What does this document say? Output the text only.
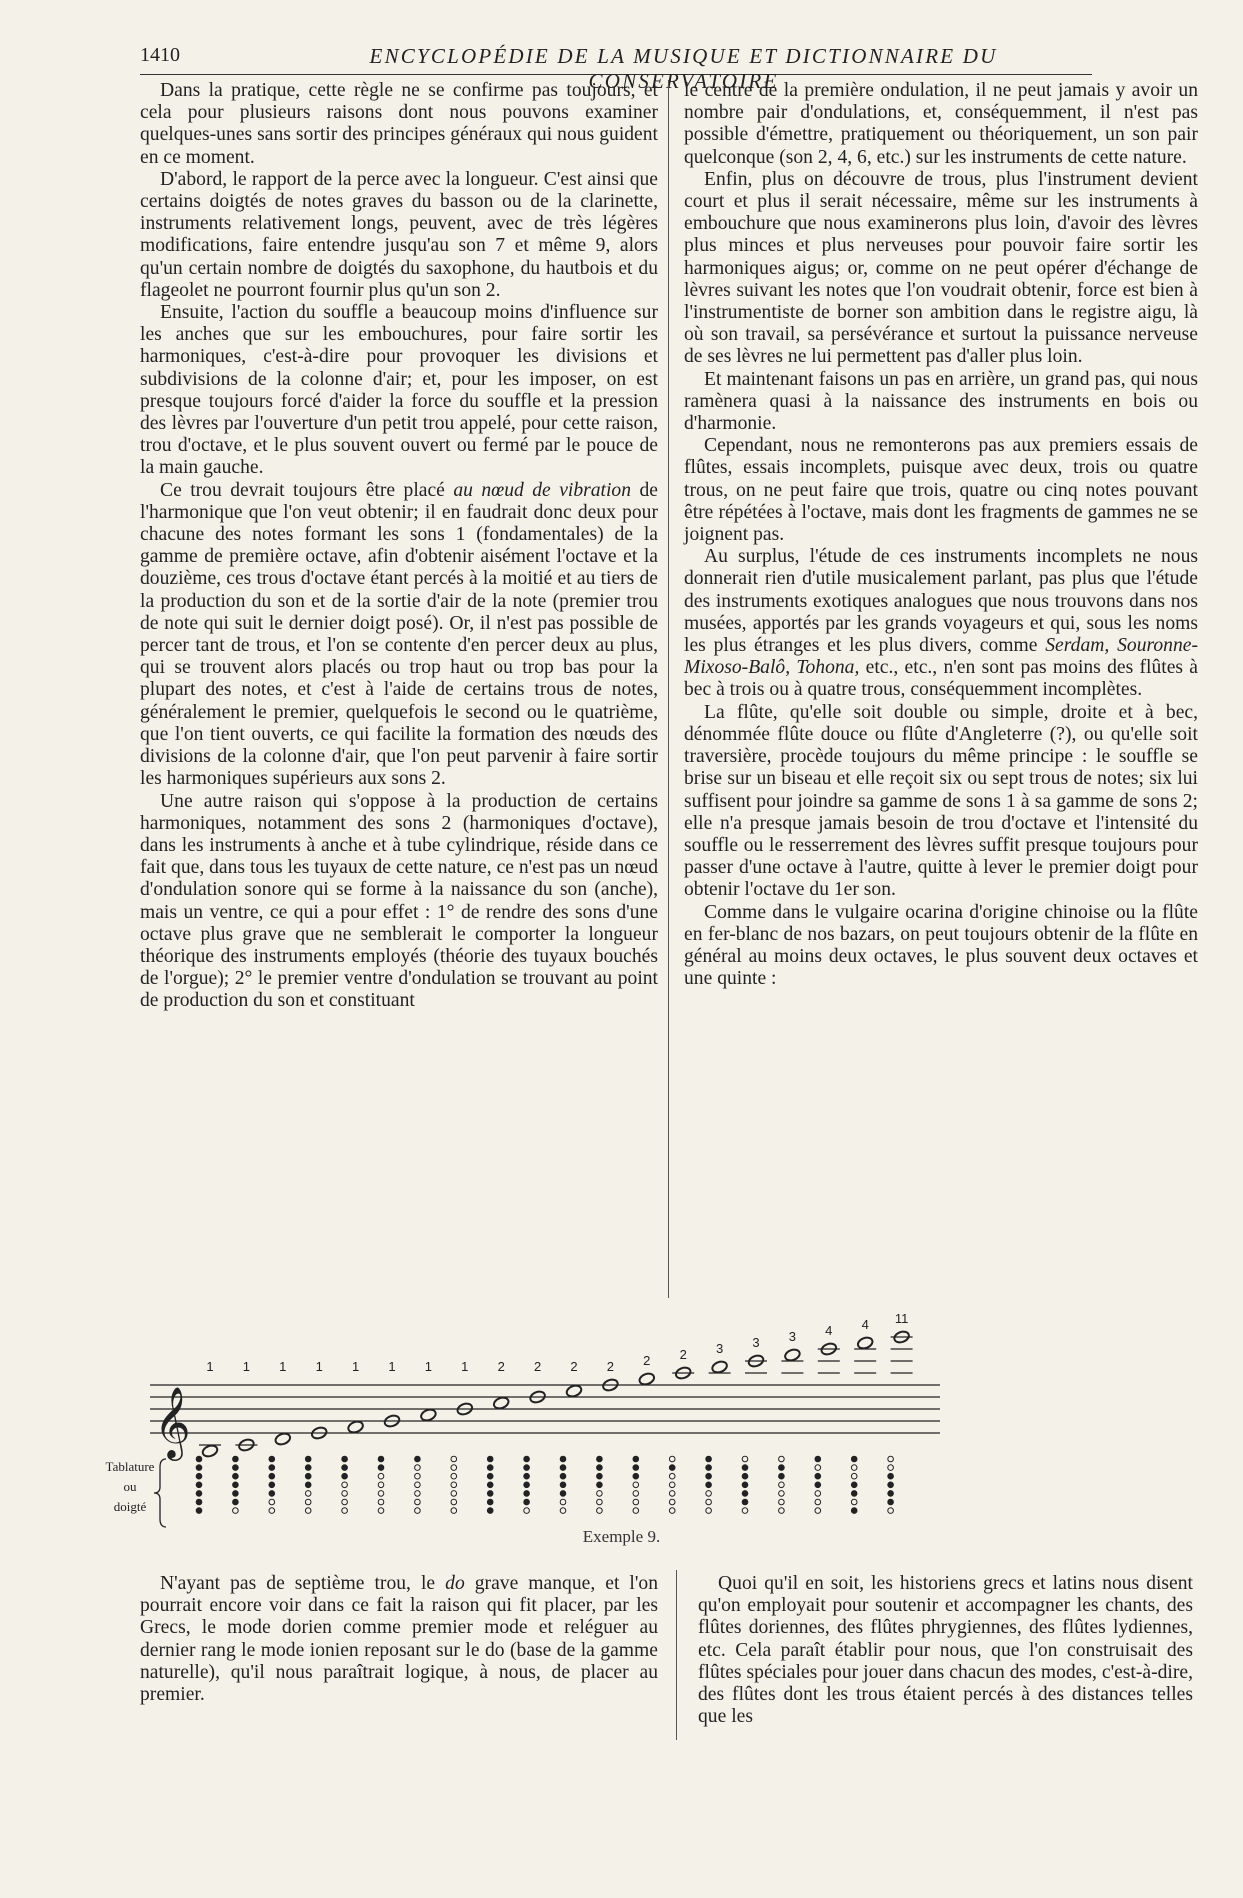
1410	ENCYCLOPÉDIE DE LA MUSIQUE ET DICTIONNAIRE DU CONSERVATOIRE

Dans la pratique, cette règle ne se confirme pas toujours, et cela pour plusieurs raisons dont nous pouvons examiner quelques-unes sans sortir des principes généraux qui nous guident en ce moment.

D'abord, le rapport de la perce avec la longueur. C'est ainsi que certains doigtés de notes graves du basson ou de la clarinette, instruments relativement longs, peuvent, avec de très légères modifications, faire entendre jusqu'au son 7 et même 9, alors qu'un certain nombre de doigtés du saxophone, du hautbois et du flageolet ne pourront fournir plus qu'un son 2.

Ensuite, l'action du souffle a beaucoup moins d'influence sur les anches que sur les embouchures, pour faire sortir les harmoniques, c'est-à-dire pour provoquer les divisions et subdivisions de la colonne d'air; et, pour les imposer, on est presque toujours forcé d'aider la force du souffle et la pression des lèvres par l'ouverture d'un petit trou appelé, pour cette raison, trou d'octave, et le plus souvent ouvert ou fermé par le pouce de la main gauche.

Ce trou devrait toujours être placé au nœud de vibration de l'harmonique que l'on veut obtenir; il en faudrait donc deux pour chacune des notes formant les sons 1 (fondamentales) de la gamme de première octave, afin d'obtenir aisément l'octave et la douzième, ces trous d'octave étant percés à la moitié et au tiers de la production du son et de la sortie d'air de la note (premier trou de note qui suit le dernier doigt posé). Or, il n'est pas possible de percer tant de trous, et l'on se contente d'en percer deux au plus, qui se trouvent alors placés ou trop haut ou trop bas pour la plupart des notes, et c'est à l'aide de certains trous de notes, généralement le premier, quelquefois le second ou le quatrième, que l'on tient ouverts, ce qui facilite la formation des nœuds des divisions de la colonne d'air, que l'on peut parvenir à faire sortir les harmoniques supérieurs aux sons 2.

Une autre raison qui s'oppose à la production de certains harmoniques, notamment des sons 2 (harmoniques d'octave), dans les instruments à anche et à tube cylindrique, réside dans ce fait que, dans tous les tuyaux de cette nature, ce n'est pas un nœud d'ondulation sonore qui se forme à la naissance du son (anche), mais un ventre, ce qui a pour effet : 1° de rendre des sons d'une octave plus grave que ne semblerait le comporter la longueur théorique des instruments employés (théorie des tuyaux bouchés de l'orgue); 2° le premier ventre d'ondulation se trouvant au point de production du son et constituant

le centre de la première ondulation, il ne peut jamais y avoir un nombre pair d'ondulations, et, conséquemment, il n'est pas possible d'émettre, pratiquement ou théoriquement, un son pair quelconque (son 2, 4, 6, etc.) sur les instruments de cette nature.

Enfin, plus on découvre de trous, plus l'instrument devient court et plus il serait nécessaire, même sur les instruments à embouchure que nous examinerons plus loin, d'avoir des lèvres plus minces et plus nerveuses pour pouvoir faire sortir les harmoniques aigus; or, comme on ne peut opérer d'échange de lèvres suivant les notes que l'on voudrait obtenir, force est bien à l'instrumentiste de borner son ambition dans le registre aigu, là où son travail, sa persévérance et surtout la puissance nerveuse de ses lèvres ne lui permettent pas d'aller plus loin.

Et maintenant faisons un pas en arrière, un grand pas, qui nous ramènera quasi à la naissance des instruments en bois ou d'harmonie.

Cependant, nous ne remonterons pas aux premiers essais de flûtes, essais incomplets, puisque avec deux, trois ou quatre trous, on ne peut faire que trois, quatre ou cinq notes pouvant être répétées à l'octave, mais dont les fragments de gammes ne se joignent pas.

Au surplus, l'étude de ces instruments incomplets ne nous donnerait rien d'utile musicalement parlant, pas plus que l'étude des instruments exotiques analogues que nous trouvons dans nos musées, apportés par les grands voyageurs et qui, sous les noms les plus étranges et les plus divers, comme Serdam, Souronne-Mixoso-Balô, Tohona, etc., etc., n'en sont pas moins des flûtes à bec à trois ou à quatre trous, conséquemment incomplètes.

La flûte, qu'elle soit double ou simple, droite et à bec, dénommée flûte douce ou flûte d'Angleterre (?), ou qu'elle soit traversière, procède toujours du même principe : le souffle se brise sur un biseau et elle reçoit six ou sept trous de notes; six lui suffisent pour joindre sa gamme de sons 1 à sa gamme de sons 2; elle n'a presque jamais besoin de trou d'octave et l'intensité du souffle ou le resserrement des lèvres suffit presque toujours pour passer d'une octave à l'autre, quitte à lever le premier doigt pour obtenir l'octave du 1er son.

Comme dans le vulgaire ocarina d'origine chinoise ou la flûte en fer-blanc de nos bazars, on peut toujours obtenir de la flûte en général au moins deux octaves, le plus souvent deux octaves et une quinte :

𝄞
1 1 1 1 1 1 1 1 2 2 2 2 2 2 3 3 3 4 4 11
Tablature
ou
doigté
Exemple 9.

N'ayant pas de septième trou, le do grave manque, et l'on pourrait encore voir dans ce fait la raison qui fit placer, par les Grecs, le mode dorien comme premier mode et reléguer au dernier rang le mode ionien reposant sur le do (base de la gamme naturelle), qu'il nous paraîtrait logique, à nous, de placer au premier.

Quoi qu'il en soit, les historiens grecs et latins nous disent qu'on employait pour soutenir et accompagner les chants, des flûtes doriennes, des flûtes phrygiennes, des flûtes lydiennes, etc. Cela paraît établir pour nous, que l'on construisait des flûtes spéciales pour jouer dans chacun des modes, c'est-à-dire, des flûtes dont les trous étaient percés à des distances telles que les
